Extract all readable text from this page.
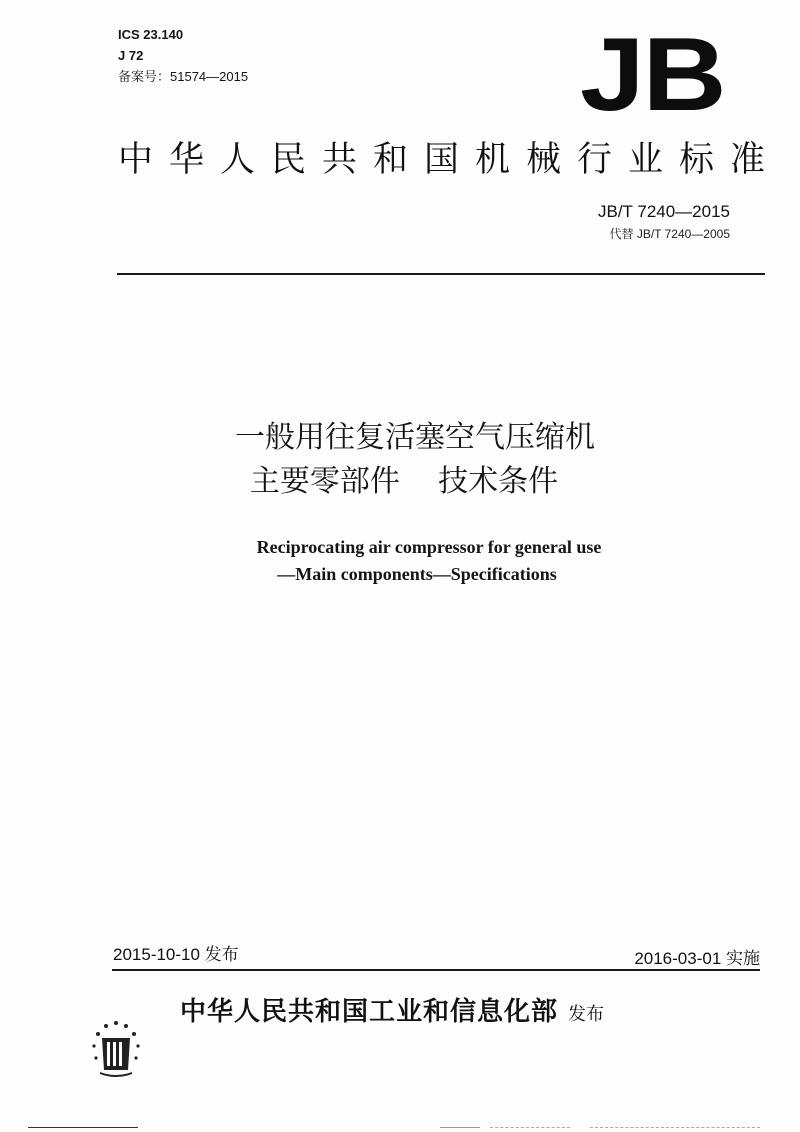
ICS 23.140
J 72
备案号：51574—2015	JB
中华人民共和国机械行业标准
JB/T 7240—2015
代替 JB/T 7240—2005
一般用往复活塞空气压缩机
主要零部件    技术条件
Reciprocating air compressor for general use
—Main components—Specifications
2015-10-10 发布	2016-03-01 实施
中华人民共和国工业和信息化部 发布
